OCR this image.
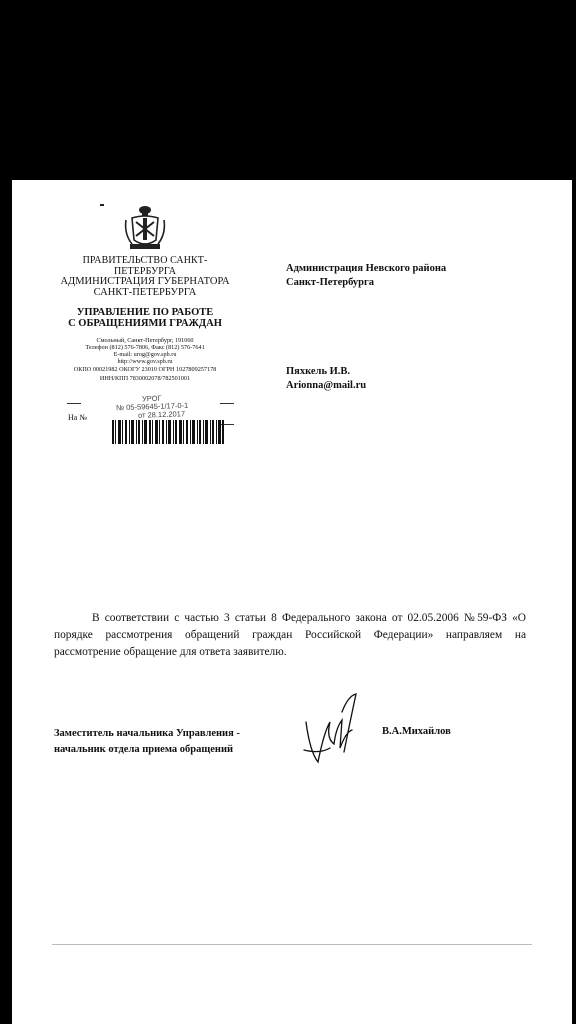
ПРАВИТЕЛЬСТВО САНКТ-ПЕТЕРБУРГА
АДМИНИСТРАЦИЯ ГУБЕРНАТОРА
САНКТ-ПЕТЕРБУРГА
УПРАВЛЕНИЕ ПО РАБОТЕ
С ОБРАЩЕНИЯМИ ГРАЖДАН
Смольный, Санкт-Петербург, 191060
Телефон (812) 576-7806, Факс (812) 576-7641
E-mail: urog@gov.spb.ru
http://www.gov.spb.ru
ОКПО 00021982 ОКОГУ 23010 ОГРН 1027809257178
ИНН/КПП 7830002078/782501001
На №
УРОГ
№ 05-59645-1/17-0-1
от 28.12.2017
Администрация Невского района
Санкт-Петербурга
Пяхкель И.В.
Arionna@mail.ru

В соответствии с частью 3 статьи 8 Федерального закона от 02.05.2006 №59-ФЗ «О порядке рассмотрения обращений граждан Российской Федерации» направляем на рассмотрение обращение для ответа заявителю.

Заместитель начальника Управления -
начальник отдела приема обращений
В.А.Михайлов
